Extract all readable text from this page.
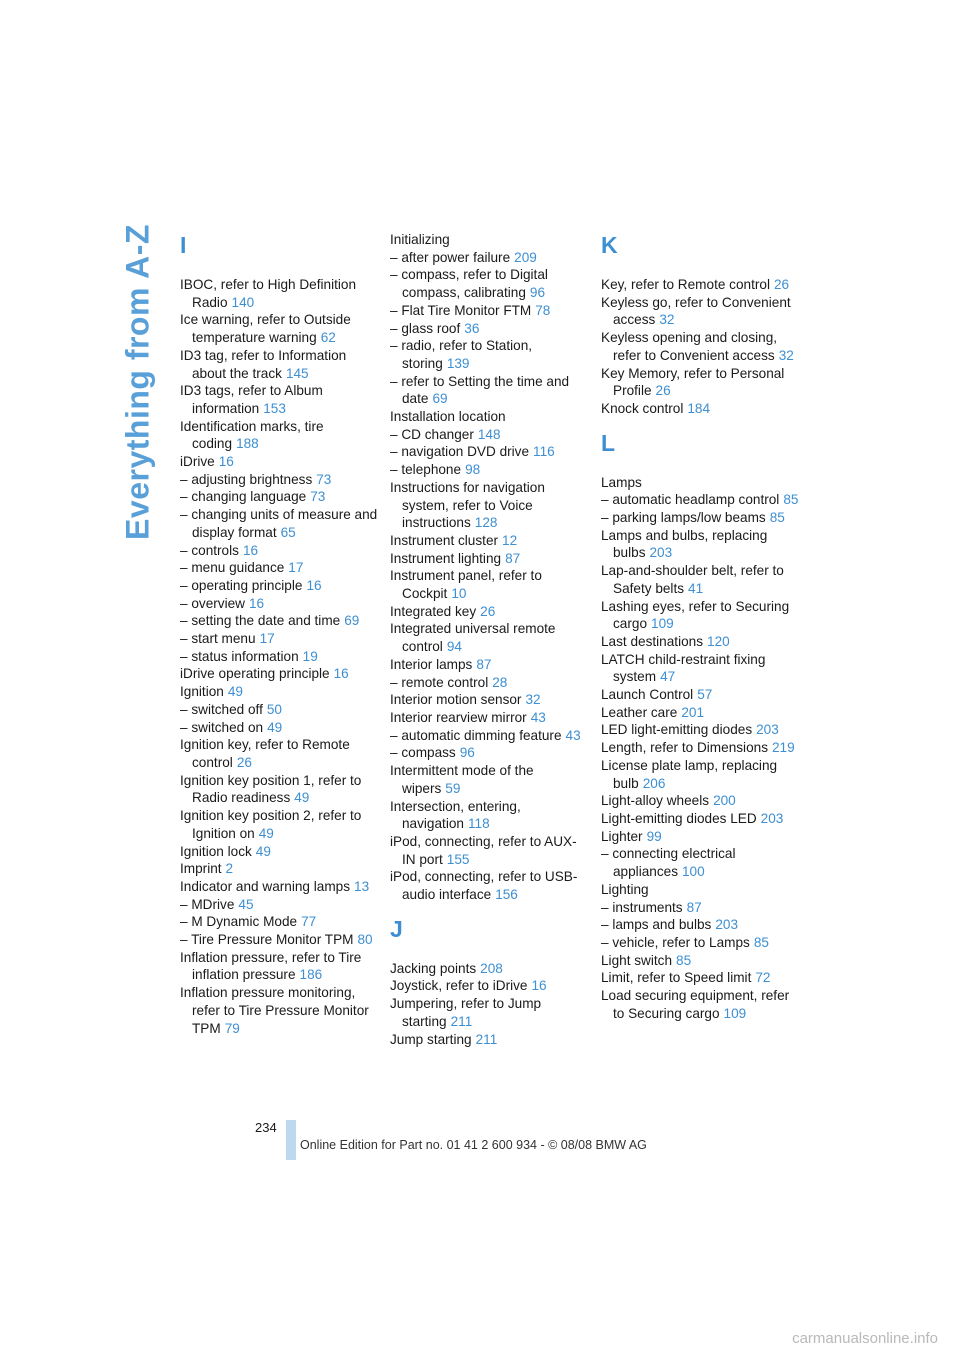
Everything from A-Z I
IBOC, refer to High Definition Radio 140
Ice warning, refer to Outside temperature warning 62
ID3 tag, refer to Information about the track 145
ID3 tags, refer to Album information 153
Identification marks, tire coding 188
iDrive 16
– adjusting brightness 73
– changing language 73
– changing units of measure and display format 65
– controls 16
– menu guidance 17
– operating principle 16
– overview 16
– setting the date and time 69
– start menu 17
– status information 19
iDrive operating principle 16
Ignition 49
– switched off 50
– switched on 49
Ignition key, refer to Remote control 26
Ignition key position 1, refer to Radio readiness 49
Ignition key position 2, refer to Ignition on 49
Ignition lock 49
Imprint 2
Indicator and warning lamps 13
– MDrive 45
– M Dynamic Mode 77
– Tire Pressure Monitor TPM 80
Inflation pressure, refer to Tire inflation pressure 186
Inflation pressure monitoring, refer to Tire Pressure Monitor TPM 79
Initializing
– after power failure 209
– compass, refer to Digital compass, calibrating 96
– Flat Tire Monitor FTM 78
– glass roof 36
– radio, refer to Station, storing 139
– refer to Setting the time and date 69
Installation location
– CD changer 148
– navigation DVD drive 116
– telephone 98
Instructions for navigation system, refer to Voice instructions 128
Instrument cluster 12
Instrument lighting 87
Instrument panel, refer to Cockpit 10
Integrated key 26
Integrated universal remote control 94
Interior lamps 87
– remote control 28
Interior motion sensor 32
Interior rearview mirror 43
– automatic dimming feature 43
– compass 96
Intermittent mode of the wipers 59
Intersection, entering, navigation 118
iPod, connecting, refer to AUX-IN port 155
iPod, connecting, refer to USB-audio interface 156
J
Jacking points 208
Joystick, refer to iDrive 16
Jumpering, refer to Jump starting 211
Jump starting 211
K
Key, refer to Remote control 26
Keyless go, refer to Convenient access 32
Keyless opening and closing, refer to Convenient access 32
Key Memory, refer to Personal Profile 26
Knock control 184
L
Lamps
– automatic headlamp control 85
– parking lamps/low beams 85
Lamps and bulbs, replacing bulbs 203
Lap-and-shoulder belt, refer to Safety belts 41
Lashing eyes, refer to Securing cargo 109
Last destinations 120
LATCH child-restraint fixing system 47
Launch Control 57
Leather care 201
LED light-emitting diodes 203
Length, refer to Dimensions 219
License plate lamp, replacing bulb 206
Light-alloy wheels 200
Light-emitting diodes LED 203
Lighter 99
– connecting electrical appliances 100
Lighting
– instruments 87
– lamps and bulbs 203
– vehicle, refer to Lamps 85
Light switch 85
Limit, refer to Speed limit 72
Load securing equipment, refer to Securing cargo 109
234
Online Edition for Part no. 01 41 2 600 934 - © 08/08 BMW AG
carmanualsonline.info
